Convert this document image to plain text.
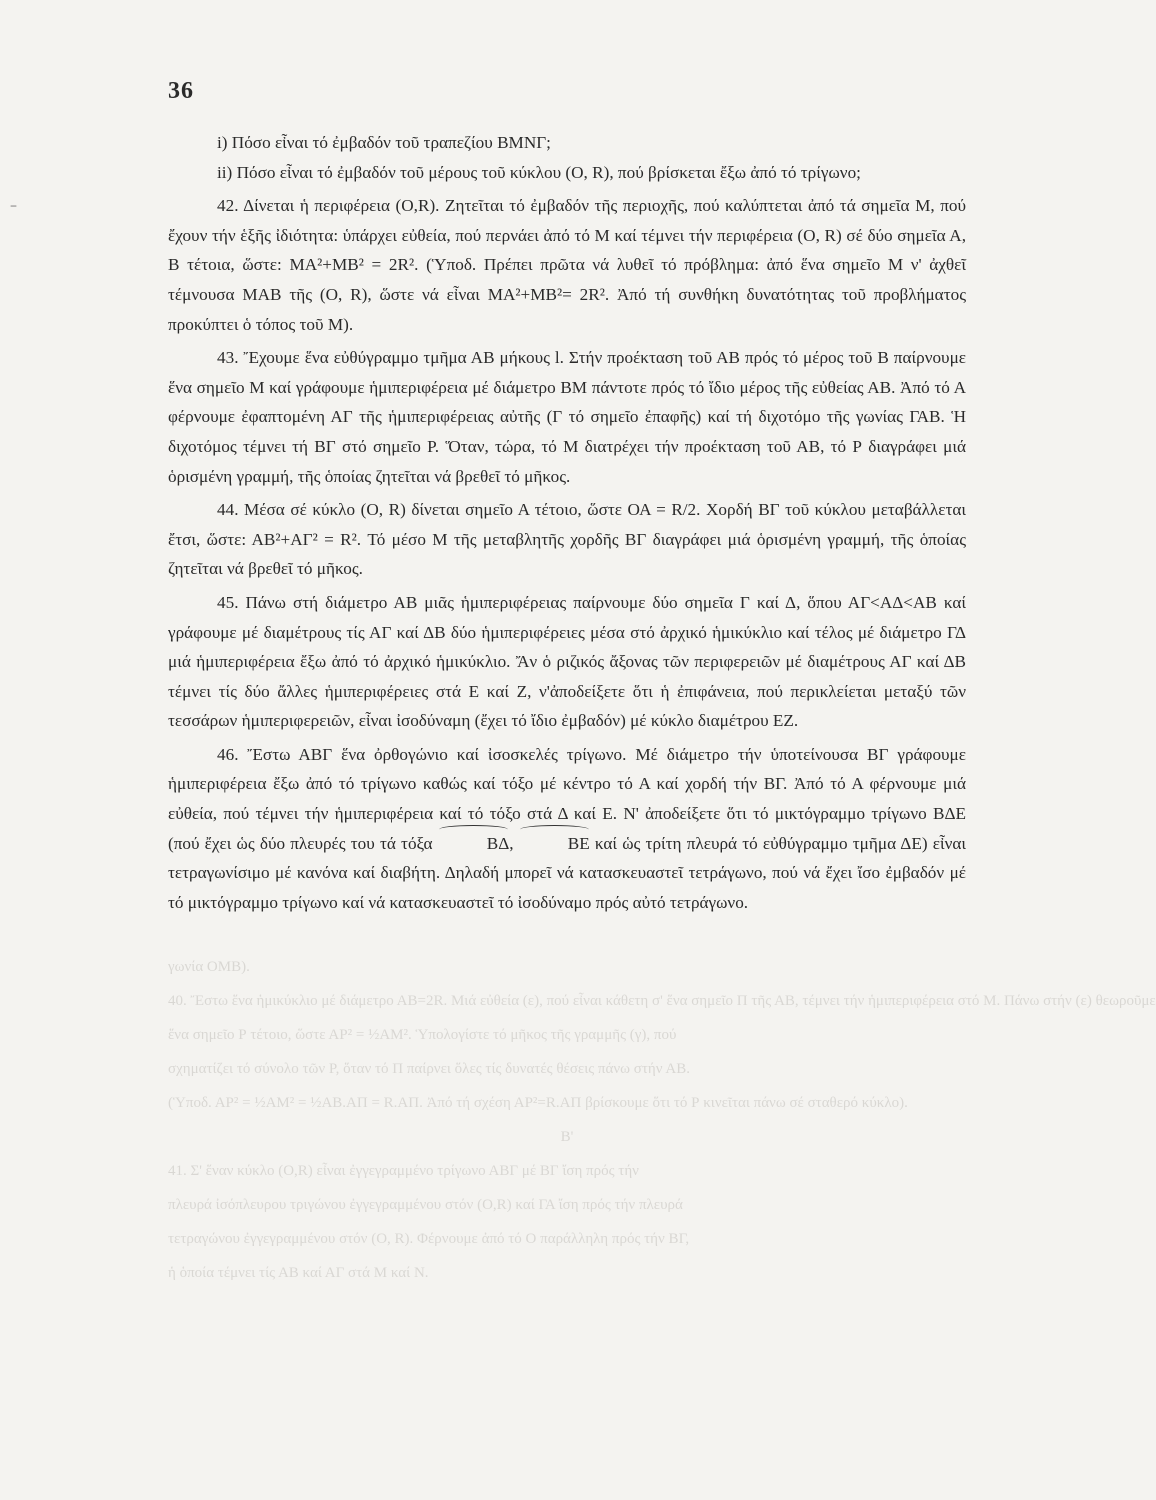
36
–

γωνία ΟΜΒ).

40. Ἔστω ἕνα ἡμικύκλιο μέ διάμετρο ΑΒ=2R. Μιά εὐθεία (ε), πού εἶναι κάθετη σ' ἕνα σημεῖο Π τῆς ΑΒ, τέμνει τήν ἡμιπεριφέρεια στό Μ. Πάνω στήν (ε) θεωροῦμε

ἕνα σημεῖο Ρ τέτοιο, ὥστε ΑΡ² = ½ΑΜ². Ὑπολογίστε τό μῆκος τῆς γραμμῆς (γ), πού

σχηματίζει τό σύνολο τῶν Ρ, ὅταν τό Π παίρνει ὅλες τίς δυνατές θέσεις πάνω στήν ΑΒ.

(Ὑποδ. ΑΡ² = ½ΑΜ² = ½ΑΒ.ΑΠ = R.ΑΠ. Ἀπό τή σχέση ΑΡ²=R.ΑΠ βρίσκουμε ὅτι τό Ρ κινεῖται πάνω σέ σταθερό κύκλο).

Β'

41. Σ' ἕναν κύκλο (O,R) εἶναι ἐγγεγραμμένο τρίγωνο ΑΒΓ μέ ΒΓ ἴση πρός τήν

πλευρά ἰσόπλευρου τριγώνου ἐγγεγραμμένου στόν (O,R) καί ΓΑ ἴση πρός τήν πλευρά

τετραγώνου ἐγγεγραμμένου στόν (O, R). Φέρνουμε ἀπό τό Ο παράλληλη πρός τήν ΒΓ,

ἡ ὁποία τέμνει τίς ΑΒ καί ΑΓ στά Μ καί Ν.

i) Πόσο εἶναι τό ἐμβαδόν τοῦ τραπεζίου ΒΜΝΓ;

ii) Πόσο εἶναι τό ἐμβαδόν τοῦ μέρους τοῦ κύκλου (Ο, R), πού βρίσκεται ἔξω ἀπό τό τρίγωνο;

42. Δίνεται ἡ περιφέρεια (O,R). Ζητεῖται τό ἐμβαδόν τῆς περιοχῆς, πού καλύπτεται ἀπό τά σημεῖα Μ, πού ἔχουν τήν ἑξῆς ἰδιότητα: ὑπάρχει εὐθεία, πού περνάει ἀπό τό Μ καί τέμνει τήν περιφέρεια (O, R) σέ δύο σημεῖα Α, Β τέτοια, ὥστε: ΜΑ²+ΜΒ² = 2R². (Ὑποδ. Πρέπει πρῶτα νά λυθεῖ τό πρόβλημα: ἀπό ἕνα σημεῖο Μ ν' ἀχθεῖ τέμνουσα ΜΑΒ τῆς (O, R), ὥστε νά εἶναι ΜΑ²+ΜΒ²= 2R². Ἀπό τή συνθήκη δυνατότητας τοῦ προβλήματος προκύπτει ὁ τόπος τοῦ Μ).

43. Ἔχουμε ἕνα εὐθύγραμμο τμῆμα ΑΒ μήκους l. Στήν προέκταση τοῦ ΑΒ πρός τό μέρος τοῦ Β παίρνουμε ἕνα σημεῖο Μ καί γράφουμε ἡμιπεριφέρεια μέ διάμετρο ΒΜ πάντοτε πρός τό ἴδιο μέρος τῆς εὐθείας ΑΒ. Ἀπό τό Α φέρνουμε ἐφαπτομένη ΑΓ τῆς ἡμιπεριφέρειας αὐτῆς (Γ τό σημεῖο ἐπαφῆς) καί τή διχοτόμο τῆς γωνίας ΓΑΒ. Ἡ διχοτόμος τέμνει τή ΒΓ στό σημεῖο Ρ. Ὅταν, τώρα, τό Μ διατρέχει τήν προέκταση τοῦ ΑΒ, τό Ρ διαγράφει μιά ὁρισμένη γραμμή, τῆς ὁποίας ζητεῖται νά βρεθεῖ τό μῆκος.

44. Μέσα σέ κύκλο (O, R) δίνεται σημεῖο Α τέτοιο, ὥστε ΟΑ = R/2. Χορδή ΒΓ τοῦ κύκλου μεταβάλλεται ἔτσι, ὥστε: ΑΒ²+ΑΓ² = R². Τό μέσο Μ τῆς μεταβλητῆς χορδῆς ΒΓ διαγράφει μιά ὁρισμένη γραμμή, τῆς ὁποίας ζητεῖται νά βρεθεῖ τό μῆκος.

45. Πάνω στή διάμετρο ΑΒ μιᾶς ἡμιπεριφέρειας παίρνουμε δύο σημεῖα Γ καί Δ, ὅπου ΑΓ<ΑΔ<ΑΒ καί γράφουμε μέ διαμέτρους τίς ΑΓ καί ΔΒ δύο ἡμιπεριφέρειες μέσα στό ἀρχικό ἡμικύκλιο καί τέλος μέ διάμετρο ΓΔ μιά ἡμιπεριφέρεια ἔξω ἀπό τό ἀρχικό ἡμικύκλιο. Ἄν ὁ ριζικός ἄξονας τῶν περιφερειῶν μέ διαμέτρους ΑΓ καί ΔΒ τέμνει τίς δύο ἄλλες ἡμιπεριφέρειες στά Ε καί Ζ, ν'ἀποδείξετε ὅτι ἡ ἐπιφάνεια, πού περικλείεται μεταξύ τῶν τεσσάρων ἡμιπεριφερειῶν, εἶναι ἰσοδύναμη (ἔχει τό ἴδιο ἐμβαδόν) μέ κύκλο διαμέτρου ΕΖ.

46. Ἔστω ΑΒΓ ἕνα ὀρθογώνιο καί ἰσοσκελές τρίγωνο. Μέ διάμετρο τήν ὑποτείνουσα ΒΓ γράφουμε ἡμιπεριφέρεια ἔξω ἀπό τό τρίγωνο καθώς καί τόξο μέ κέντρο τό Α καί χορδή τήν ΒΓ. Ἀπό τό Α φέρνουμε μιά εὐθεία, πού τέμνει τήν ἡμιπεριφέρεια καί τό τόξο στά Δ καί Ε. Ν' ἀποδείξετε ὅτι τό μικτόγραμμο τρίγωνο ΒΔΕ (πού ἔχει ὡς δύο πλευρές του τά τόξα	ΒΔ,	ΒΕ καί ὡς τρίτη πλευρά τό εὐθύγραμμο τμῆμα ΔΕ) εἶναι τετραγωνίσιμο μέ κανόνα καί διαβήτη. Δηλαδή μπορεῖ νά κατασκευαστεῖ τετράγωνο, πού νά ἔχει ἴσο ἐμβαδόν μέ τό μικτόγραμμο τρίγωνο καί νά κατασκευαστεῖ τό ἰσοδύναμο πρός αὐτό τετράγωνο.
